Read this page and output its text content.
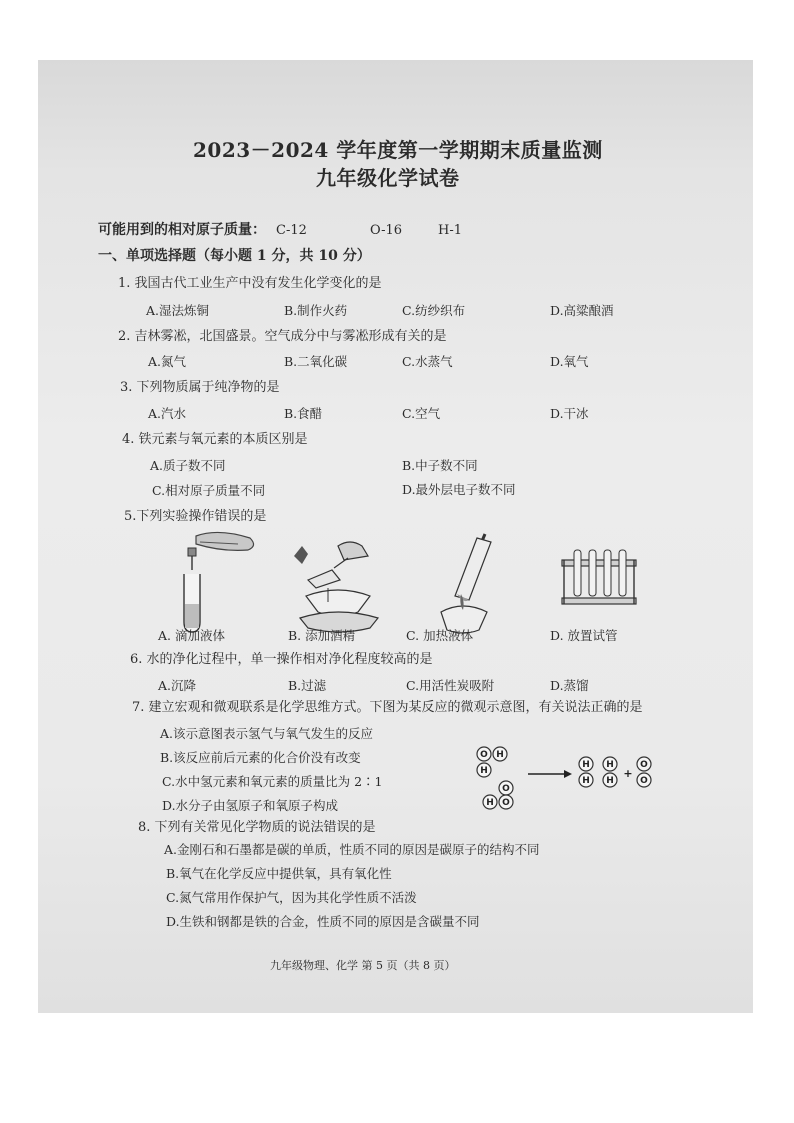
2023－2024 学年度第一学期期末质量监测
九年级化学试卷
可能用到的相对原子质量： C-12	O-16	H-1
一、单项选择题（每小题 1 分，共 10 分）
1. 我国古代工业生产中没有发生化学变化的是
A.湿法炼铜	B.制作火药	C.纺纱织布	D.高粱酿酒
2. 吉林雾凇，北国盛景。空气成分中与雾凇形成有关的是
A.氮气	B.二氧化碳	C.水蒸气	D.氧气
3. 下列物质属于纯净物的是
A.汽水	B.食醋	C.空气	D.干冰
4. 铁元素与氧元素的本质区别是
A.质子数不同	B.中子数不同
C.相对原子质量不同	D.最外层电子数不同
5.下列实验操作错误的是
A. 滴加液体	B. 添加酒精	C. 加热液体	D. 放置试管
6. 水的净化过程中，单一操作相对净化程度较高的是
A.沉降	B.过滤	C.用活性炭吸附	D.蒸馏
7. 建立宏观和微观联系是化学思维方式。下图为某反应的微观示意图，有关说法正确的是
A.该示意图表示氢气与氧气发生的反应
B.该反应前后元素的化合价没有改变
C.水中氢元素和氧元素的质量比为 2∶1
D.水分子由氢原子和氧原子构成
O H
H
O
H O
H
H
H
H
+
O
O
8. 下列有关常见化学物质的说法错误的是
A.金刚石和石墨都是碳的单质，性质不同的原因是碳原子的结构不同
B.氧气在化学反应中提供氧，具有氧化性
C.氮气常用作保护气，因为其化学性质不活泼
D.生铁和钢都是铁的合金，性质不同的原因是含碳量不同
九年级物理、化学 第 5 页（共 8 页）
